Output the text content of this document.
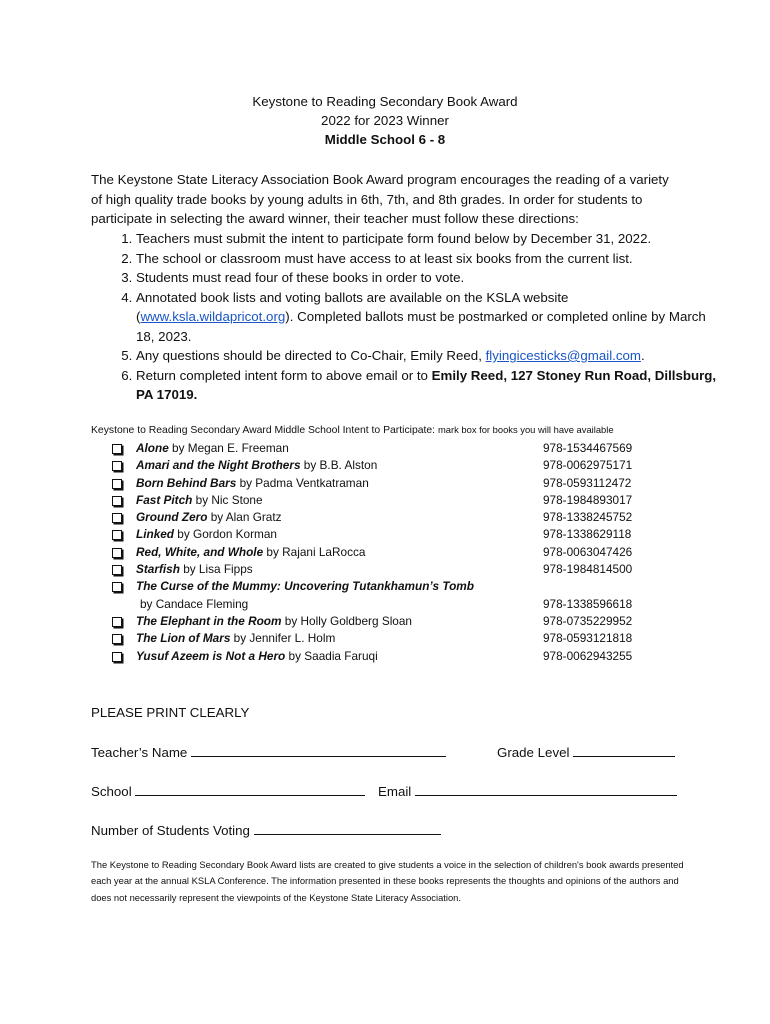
Keystone to Reading Secondary Book Award
2022 for 2023 Winner
Middle School 6 - 8
The Keystone State Literacy Association Book Award program encourages the reading of a variety of high quality trade books by young adults in 6th, 7th, and 8th grades. In order for students to participate in selecting the award winner, their teacher must follow these directions:
1. Teachers must submit the intent to participate form found below by December 31, 2022.
2. The school or classroom must have access to at least six books from the current list.
3. Students must read four of these books in order to vote.
4. Annotated book lists and voting ballots are available on the KSLA website (www.ksla.wildapricot.org). Completed ballots must be postmarked or completed online by March 18, 2023.
5. Any questions should be directed to Co-Chair, Emily Reed, flyingicesticks@gmail.com.
6. Return completed intent form to above email or to Emily Reed, 127 Stoney Run Road, Dillsburg, PA 17019.
Keystone to Reading Secondary Award Middle School Intent to Participate: mark box for books you will have available
Alone by Megan E. Freeman	978-1534467569
Amari and the Night Brothers by B.B. Alston	978-0062975171
Born Behind Bars by Padma Ventkatraman	978-0593112472
Fast Pitch by Nic Stone	978-1984893017
Ground Zero by Alan Gratz	978-1338245752
Linked by Gordon Korman	978-1338629118
Red, White, and Whole by Rajani LaRocca	978-0063047426
Starfish by Lisa Fipps	978-1984814500
The Curse of the Mummy: Uncovering Tutankhamun’s Tomb
by Candace Fleming	978-1338596618
The Elephant in the Room by Holly Goldberg Sloan	978-0735229952
The Lion of Mars by Jennifer L. Holm	978-0593121818
Yusuf Azeem is Not a Hero by Saadia Faruqi	978-0062943255
PLEASE PRINT CLEARLY
Teacher’s Name	Grade Level
School	Email
Number of Students Voting
The Keystone to Reading Secondary Book Award lists are created to give students a voice in the selection of children's book awards presented each year at the annual KSLA Conference. The information presented in these books represents the thoughts and opinions of the authors and does not necessarily represent the viewpoints of the Keystone State Literacy Association.
